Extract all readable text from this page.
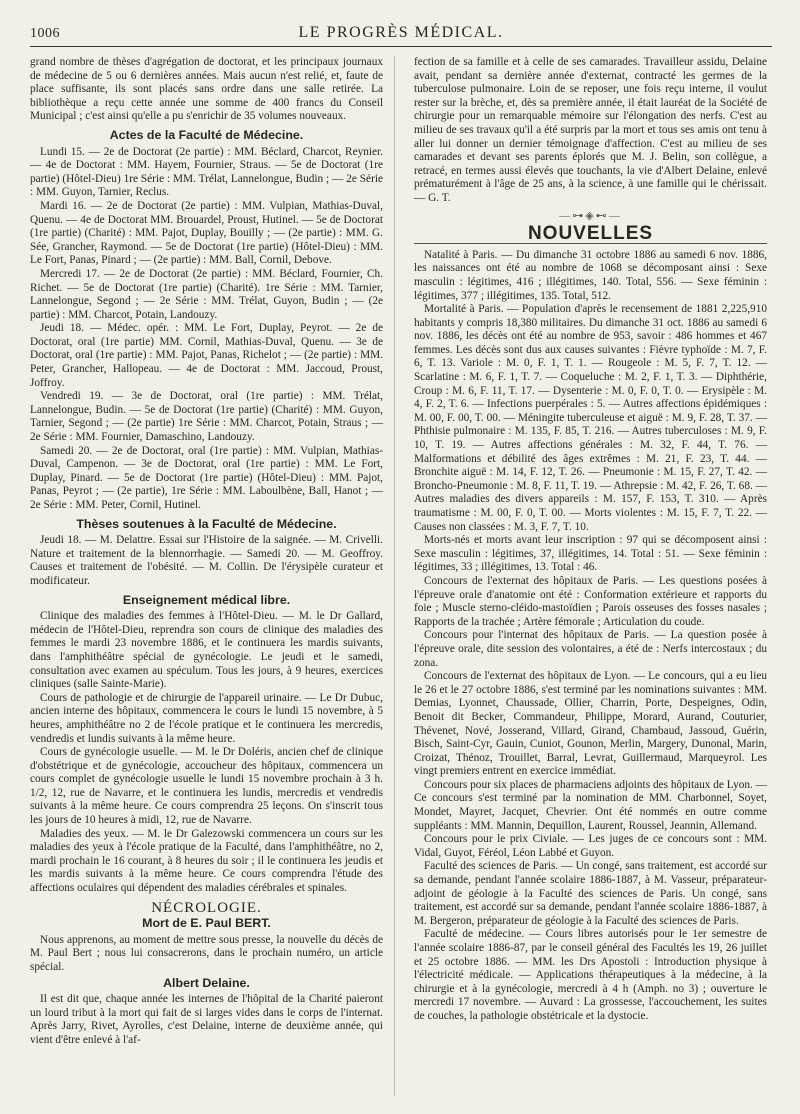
1006	LE PROGRÈS MÉDICAL.

grand nombre de thèses d'agrégation de doctorat, et les principaux journaux de médecine de 5 ou 6 dernières années. Mais aucun n'est relié, et, faute de place suffisante, ils sont placés sans ordre dans une salle retirée. La bibliothèque a reçu cette année une somme de 400 francs du Conseil Municipal ; c'est ainsi qu'elle a pu s'enrichir de 35 volumes nouveaux.

Actes de la Faculté de Médecine.

Lundi 15. — 2e de Doctorat (2e partie) : MM. Béclard, Charcot, Reynier. — 4e de Doctorat : MM. Hayem, Fournier, Straus. — 5e de Doctorat (1re partie) (Hôtel-Dieu) 1re Série : MM. Trélat, Lannelongue, Budin ; — 2e Série : MM. Guyon, Tarnier, Reclus.

Mardi 16. — 2e de Doctorat (2e partie) : MM. Vulpian, Mathias-Duval, Quenu. — 4e de Doctorat MM. Brouardel, Proust, Hutinel. — 5e de Doctorat (1re partie) (Charité) : MM. Pajot, Duplay, Bouilly ; — (2e partie) : MM. G. Sée, Grancher, Raymond. — 5e de Doctorat (1re partie) (Hôtel-Dieu) : MM. Le Fort, Panas, Pinard ; — (2e partie) : MM. Ball, Cornil, Debove.

Mercredi 17. — 2e de Doctorat (2e partie) : MM. Béclard, Fournier, Ch. Richet. — 5e de Doctorat (1re partie) (Charité). 1re Série : MM. Tarnier, Lannelongue, Segond ; — 2e Série : MM. Trélat, Guyon, Budin ; — (2e partie) : MM. Charcot, Potain, Landouzy.

Jeudi 18. — Médec. opér. : MM. Le Fort, Duplay, Peyrot. — 2e de Doctorat, oral (1re partie) MM. Cornil, Mathias-Duval, Quenu. — 3e de Doctorat, oral (1re partie) : MM. Pajot, Panas, Richelot ; — (2e partie) : MM. Peter, Grancher, Hallopeau. — 4e de Doctorat : MM. Jaccoud, Proust, Joffroy.

Vendredi 19. — 3e de Doctorat, oral (1re partie) : MM. Trélat, Lannelongue, Budin. — 5e de Doctorat (1re partie) (Charité) : MM. Guyon, Tarnier, Segond ; — (2e partie) 1re Série : MM. Charcot, Potain, Straus ; — 2e Série : MM. Fournier, Damaschino, Landouzy.

Samedi 20. — 2e de Doctorat, oral (1re partie) : MM. Vulpian, Mathias-Duval, Campenon. — 3e de Doctorat, oral (1re partie) : MM. Le Fort, Duplay, Pinard. — 5e de Doctorat (1re partie) (Hôtel-Dieu) : MM. Pajot, Panas, Peyrot ; — (2e partie), 1re Série : MM. Laboulbène, Ball, Hanot ; — 2e Série : MM. Peter, Cornil, Hutinel.

Thèses soutenues à la Faculté de Médecine.

Jeudi 18. — M. Delattre. Essai sur l'Histoire de la saignée. — M. Crivelli. Nature et traitement de la blennorrhagie. — Samedi 20. — M. Geoffroy. Causes et traitement de l'obésité. — M. Collin. De l'érysipèle curateur et modificateur.

Enseignement médical libre.

Clinique des maladies des femmes à l'Hôtel-Dieu. — M. le Dr Gallard, médecin de l'Hôtel-Dieu, reprendra son cours de clinique des maladies des femmes le mardi 23 novembre 1886, et le continuera les mardis suivants, dans l'amphithéâtre spécial de gynécologie. Le jeudi et le samedi, consultation avec examen au spéculum. Tous les jours, à 9 heures, exercices cliniques (salle Sainte-Marie).

Cours de pathologie et de chirurgie de l'appareil urinaire. — Le Dr Dubuc, ancien interne des hôpitaux, commencera le cours le lundi 15 novembre, à 5 heures, amphithéâtre no 2 de l'école pratique et le continuera les mercredis, vendredis et lundis suivants à la même heure.

Cours de gynécologie usuelle. — M. le Dr Doléris, ancien chef de clinique d'obstétrique et de gynécologie, accoucheur des hôpitaux, commencera un cours complet de gynécologie usuelle le lundi 15 novembre prochain à 3 h. 1/2, 12, rue de Navarre, et le continuera les lundis, mercredis et vendredis suivants à la même heure. Ce cours comprendra 25 leçons. On s'inscrit tous les jours de 10 heures à midi, 12, rue de Navarre.

Maladies des yeux. — M. le Dr Galezowski commencera un cours sur les maladies des yeux à l'école pratique de la Faculté, dans l'amphithéâtre, no 2, mardi prochain le 16 courant, à 8 heures du soir ; il le continuera les jeudis et les mardis suivants à la même heure. Ce cours comprendra l'étude des affections oculaires qui dépendent des maladies cérébrales et spinales.

NÉCROLOGIE.
Mort de E. Paul BERT.

Nous apprenons, au moment de mettre sous presse, la nouvelle du décès de M. Paul Bert ; nous lui consacrerons, dans le prochain numéro, un article spécial.

Albert Delaine.

Il est dit que, chaque année les internes de l'hôpital de la Charité paieront un lourd tribut à la mort qui fait de si larges vides dans le corps de l'internat. Après Jarry, Rivet, Ayrolles, c'est Delaine, interne de deuxième année, qui vient d'être enlevé à l'af-

fection de sa famille et à celle de ses camarades. Travailleur assidu, Delaine avait, pendant sa dernière année d'externat, contracté les germes de la tuberculose pulmonaire. Loin de se reposer, une fois reçu interne, il voulut rester sur la brèche, et, dès sa première année, il était lauréat de la Société de chirurgie pour un remarquable mémoire sur l'élongation des nerfs. C'est au milieu de ses travaux qu'il a été surpris par la mort et tous ses amis ont tenu à aller lui donner un dernier témoignage d'affection. C'est au milieu de ses camarades et devant ses parents éplorés que M. J. Belin, son collègue, a retracé, en termes aussi élevés que touchants, la vie d'Albert Delaine, enlevé prématurément à l'âge de 25 ans, à la science, à une famille qui le chérissait. — G. T.

—⊶◈⊷—
NOUVELLES

Natalité à Paris. — Du dimanche 31 octobre 1886 au samedi 6 nov. 1886, les naissances ont été au nombre de 1068 se décomposant ainsi : Sexe masculin : légitimes, 416 ; illégitimes, 140. Total, 556. — Sexe féminin : légitimes, 377 ; illégitimes, 135. Total, 512.

Mortalité à Paris. — Population d'après le recensement de 1881 2,225,910 habitants y compris 18,380 militaires. Du dimanche 31 oct. 1886 au samedi 6 nov. 1886, les décès ont été au nombre de 953, savoir : 486 hommes et 467 femmes. Les décès sont dus aux causes suivantes : Fièvre typhoïde : M. 7, F. 6, T. 13. Variole : M. 0, F. 1, T. 1. — Rougeole : M. 5, F. 7, T. 12. — Scarlatine : M. 6, F. 1, T. 7. — Coqueluche : M. 2, F. 1, T. 3. — Diphthérie, Croup : M. 6, F. 11, T. 17. — Dysenterie : M. 0, F. 0, T. 0. — Erysipèle : M. 4, F. 2, T. 6. — Infections puerpérales : 5. — Autres affections épidémiques : M. 00, F. 00, T. 00. — Méningite tuberculeuse et aiguë : M. 9, F. 28, T. 37. — Phthisie pulmonaire : M. 135, F. 85, T. 216. — Autres tuberculoses : M. 9, F. 10, T. 19. — Autres affections générales : M. 32, F. 44, T. 76. — Malformations et débilité des âges extrêmes : M. 21, F. 23, T. 44. — Bronchite aiguë : M. 14, F. 12, T. 26. — Pneumonie : M. 15, F. 27, T. 42. — Broncho-Pneumonie : M. 8, F. 11, T. 19. — Athrepsie : M. 42, F. 26, T. 68. — Autres maladies des divers appareils : M. 157, F. 153, T. 310. — Après traumatisme : M. 00, F. 0, T. 00. — Morts violentes : M. 15, F. 7, T. 22. — Causes non classées : M. 3, F. 7, T. 10.

Morts-nés et morts avant leur inscription : 97 qui se décomposent ainsi : Sexe masculin : légitimes, 37, illégitimes, 14. Total : 51. — Sexe féminin : légitimes, 33 ; illégitimes, 13. Total : 46.

Concours de l'externat des hôpitaux de Paris. — Les questions posées à l'épreuve orale d'anatomie ont été : Conformation extérieure et rapports du foie ; Muscle sterno-cléido-mastoïdien ; Parois osseuses des fosses nasales ; Rapports de la trachée ; Artère fémorale ; Articulation du coude.

Concours pour l'internat des hôpitaux de Paris. — La question posée à l'épreuve orale, dite session des volontaires, a été de : Nerfs intercostaux ; du zona.

Concours de l'externat des hôpitaux de Lyon. — Le concours, qui a eu lieu le 26 et le 27 octobre 1886, s'est terminé par les nominations suivantes : MM. Demias, Lyonnet, Chaussade, Ollier, Charrin, Porte, Despeignes, Odin, Benoit dit Becker, Commandeur, Philippe, Morard, Aurand, Couturier, Thévenet, Nové, Josserand, Villard, Girand, Chambaud, Jassoud, Guérin, Bisch, Saint-Cyr, Gauin, Cuniot, Gounon, Merlin, Margery, Dunonal, Marin, Croizat, Thénoz, Trouillet, Barral, Levrat, Guillermaud, Marqueyrol. Les vingt premiers entrent en exercice immédiat.

Concours pour six places de pharmaciens adjoints des hôpitaux de Lyon. — Ce concours s'est terminé par la nomination de MM. Charbonnel, Soyet, Mondet, Mayret, Jacquet, Chevrier. Ont été nommés en outre comme suppléants : MM. Mannin, Dequillon, Laurent, Roussel, Jeannin, Allemand.

Concours pour le prix Civiale. — Les juges de ce concours sont : MM. Vidal, Guyot, Féréol, Léon Labbé et Guyon.

Faculté des sciences de Paris. — Un congé, sans traitement, est accordé sur sa demande, pendant l'année scolaire 1886-1887, à M. Vasseur, préparateur-adjoint de géologie à la Faculté des sciences de Paris. Un congé, sans traitement, est accordé sur sa demande, pendant l'année scolaire 1886-1887, à M. Bergeron, préparateur de géologie à la Faculté des sciences de Paris.

Faculté de médecine. — Cours libres autorisés pour le 1er semestre de l'année scolaire 1886-87, par le conseil général des Facultés les 19, 26 juillet et 25 octobre 1886. — MM. les Drs Apostoli : Introduction physique à l'électricité médicale. — Applications thérapeutiques à la médecine, à la chirurgie et à la gynécologie, mercredi à 4 h (Amph. no 3) ; ouverture le mercredi 17 novembre. — Auvard : La grossesse, l'accouchement, les suites de couches, la pathologie obstétricale et la dystocie.
